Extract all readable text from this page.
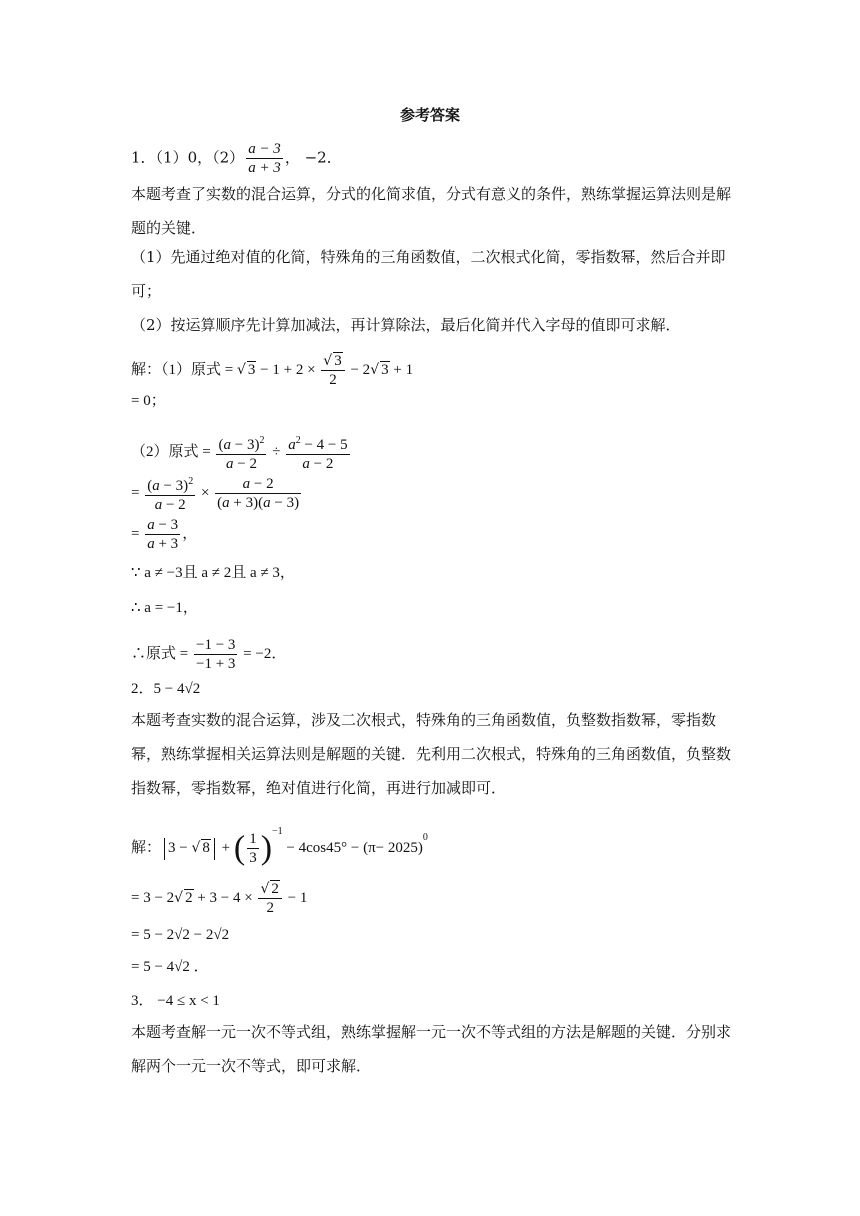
参考答案
1．（1）0，$(2) \frac{a - 3}{a + 3}$ ， −2．
本题考查了实数的混合运算，分式的化简求值，分式有意义的条件，熟练掌握运算法则是解题的关键．
（1）先通过绝对值的化简，特殊角的三角函数值，二次根式化简，零指数幂，然后合并即可；
（2）按运算顺序先计算加减法，再计算除法，最后化简并代入字母的值即可求解．
解：（1）原式 = √ $3 - 1 + 2 \times \frac{√ 3}{2} - 2√$ 3 + 1
= 0；
（2）原式 = $\frac{(a - 3)^2}{a - 2} \div \frac{a^2 - 4 - 5}{a - 2}$
= $\frac{(a - 3)^2}{a - 2} \times \frac{a - 2}{(a + 3)(a - 3)}$
= $\frac{a - 3}{a + 3}$ ，
∵ a ≠ −3且 a ≠ 2且 a ≠ 3，
∴ a = −1，
∴原式 = $\frac{-1 - 3}{-1 + 3} = -2$．
2．5 − 4√2
本题考查实数的混合运算，涉及二次根式，特殊角的三角函数值，负整数指数幂，零指数幂，熟练掌握相关运算法则是解题的关键．先利用二次根式，特殊角的三角函数值，负整数指数幂，零指数幂，绝对值进行化简，再进行加减即可．
解： 3 − √ 8 + ( $\frac{1}{3} )^{-1} - 4\cos 45^\circ - (\pi- 2025)^0$
= 3 − 2√ $2 + 3 - 4 \times \frac{√ 2}{2} - 1$
= 5 − 2√2 − 2√2
= 5 − 4√2 ．
3． −4 ≤ x < 1
本题考查解一元一次不等式组，熟练掌握解一元一次不等式组的方法是解题的关键．分别求解两个一元一次不等式，即可求解．
